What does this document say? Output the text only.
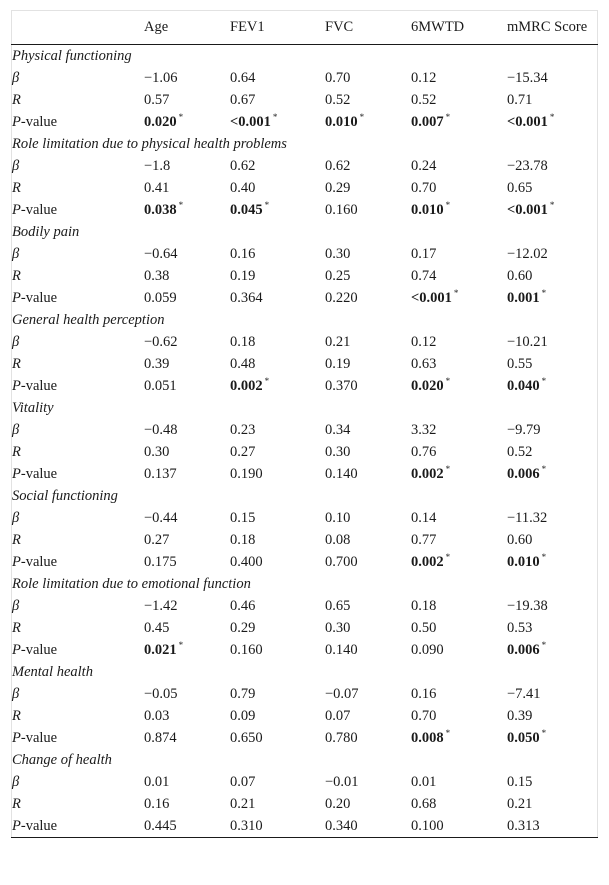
	Age	FEV1	FVC	6MWTD	mMRC Score
Physical functioning					
β	−1.06	0.64	0.70	0.12	−15.34
R	0.57	0.67	0.52	0.52	0.71
P-value	0.020 *	<0.001 *	0.010 *	0.007 *	<0.001 *
Role limitation due to physical health problems					
β	−1.8	0.62	0.62	0.24	−23.78
R	0.41	0.40	0.29	0.70	0.65
P-value	0.038 *	0.045 *	0.160	0.010 *	<0.001 *
Bodily pain					
β	−0.64	0.16	0.30	0.17	−12.02
R	0.38	0.19	0.25	0.74	0.60
P-value	0.059	0.364	0.220	<0.001 *	0.001 *
General health perception					
β	−0.62	0.18	0.21	0.12	−10.21
R	0.39	0.48	0.19	0.63	0.55
P-value	0.051	0.002 *	0.370	0.020 *	0.040 *
Vitality					
β	−0.48	0.23	0.34	3.32	−9.79
R	0.30	0.27	0.30	0.76	0.52
P-value	0.137	0.190	0.140	0.002 *	0.006 *
Social functioning					
β	−0.44	0.15	0.10	0.14	−11.32
R	0.27	0.18	0.08	0.77	0.60
P-value	0.175	0.400	0.700	0.002 *	0.010 *
Role limitation due to emotional function					
β	−1.42	0.46	0.65	0.18	−19.38
R	0.45	0.29	0.30	0.50	0.53
P-value	0.021 *	0.160	0.140	0.090	0.006 *
Mental health					
β	−0.05	0.79	−0.07	0.16	−7.41
R	0.03	0.09	0.07	0.70	0.39
P-value	0.874	0.650	0.780	0.008 *	0.050 *
Change of health					
β	0.01	0.07	−0.01	0.01	0.15
R	0.16	0.21	0.20	0.68	0.21
P-value	0.445	0.310	0.340	0.100	0.313
